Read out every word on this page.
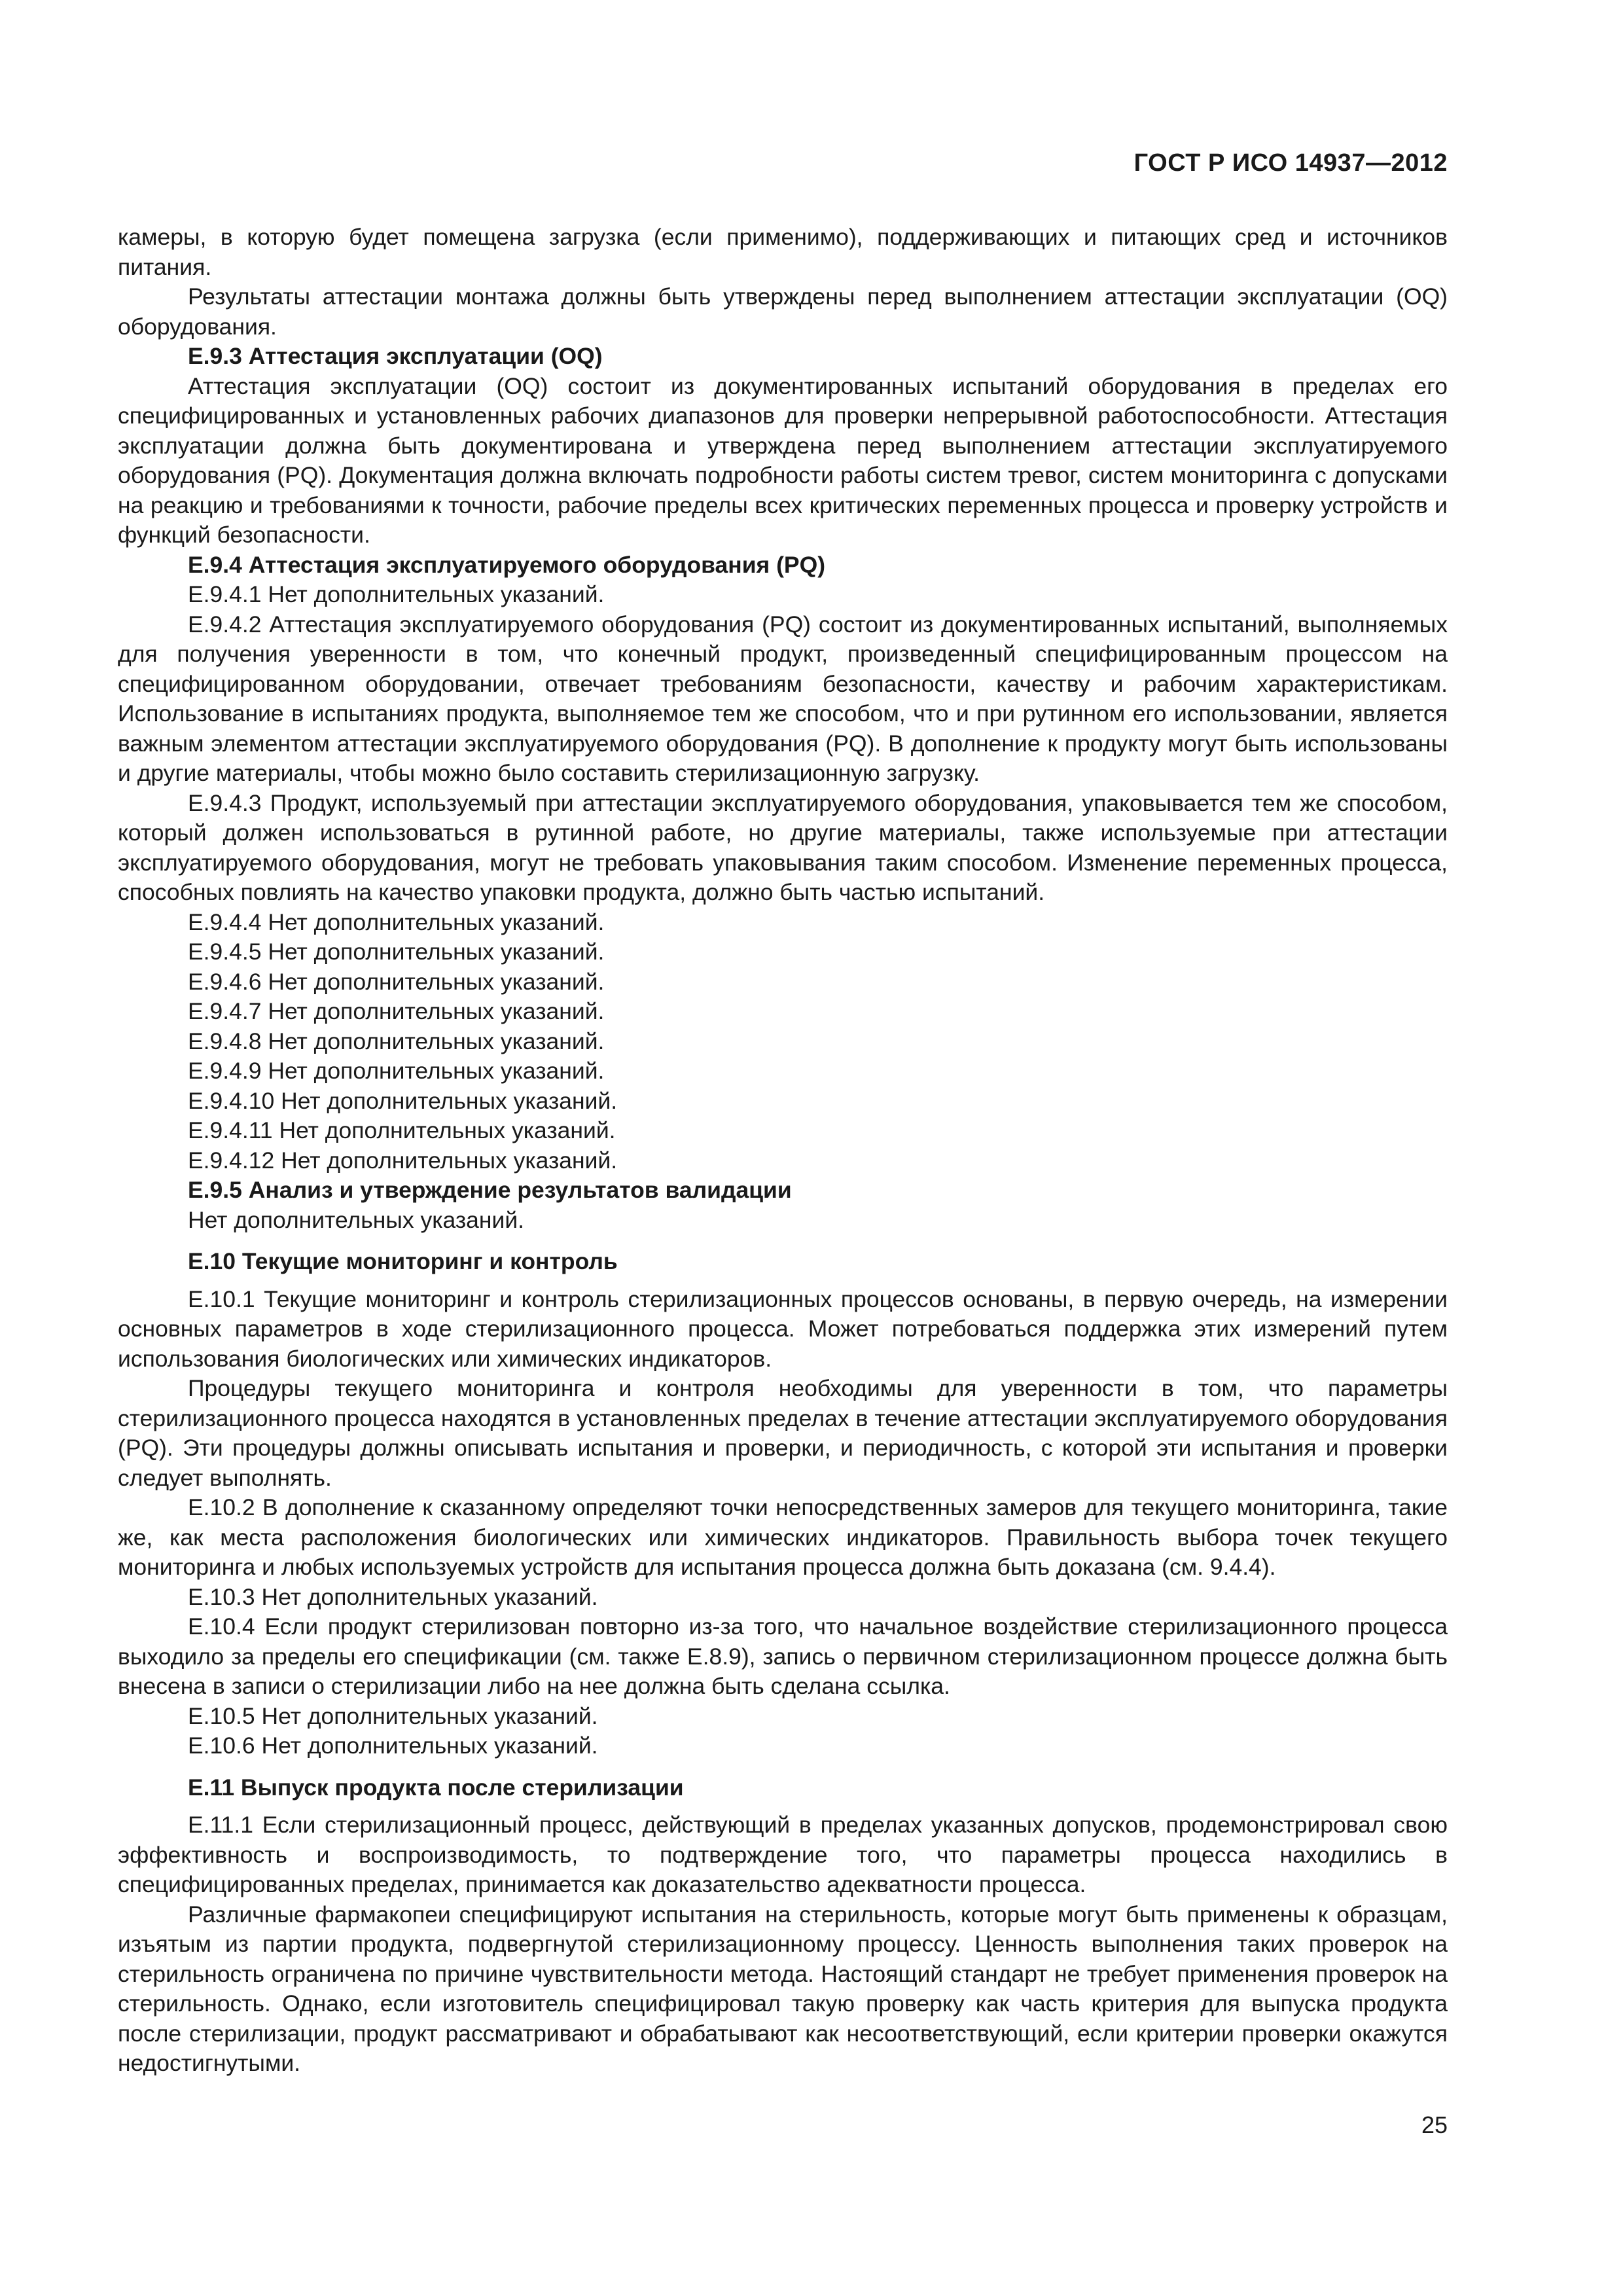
ГОСТ Р ИСО 14937—2012

камеры, в которую будет помещена загрузка (если применимо), поддерживающих и питающих сред и источников питания.

Результаты аттестации монтажа должны быть утверждены перед выполнением аттестации эксплуатации (OQ) оборудования.

E.9.3 Аттестация эксплуатации (OQ)

Аттестация эксплуатации (OQ) состоит из документированных испытаний оборудования в пределах его специфицированных и установленных рабочих диапазонов для проверки непрерывной работоспособности. Аттестация эксплуатации должна быть документирована и утверждена перед выполнением аттестации эксплуатируемого оборудования (PQ). Документация должна включать подробности работы систем тревог, систем мониторинга с допусками на реакцию и требованиями к точности, рабочие пределы всех критических переменных процесса и проверку устройств и функций безопасности.

E.9.4 Аттестация эксплуатируемого оборудования (PQ)

E.9.4.1 Нет дополнительных указаний.

E.9.4.2 Аттестация эксплуатируемого оборудования (PQ) состоит из документированных испытаний, выполняемых для получения уверенности в том, что конечный продукт, произведенный специфицированным процессом на специфицированном оборудовании, отвечает требованиям безопасности, качеству и рабочим характеристикам. Использование в испытаниях продукта, выполняемое тем же способом, что и при рутинном его использовании, является важным элементом аттестации эксплуатируемого оборудования (PQ). В дополнение к продукту могут быть использованы и другие материалы, чтобы можно было составить стерилизационную загрузку.

E.9.4.3 Продукт, используемый при аттестации эксплуатируемого оборудования, упаковывается тем же способом, который должен использоваться в рутинной работе, но другие материалы, также используемые при аттестации эксплуатируемого оборудования, могут не требовать упаковывания таким способом. Изменение переменных процесса, способных повлиять на качество упаковки продукта, должно быть частью испытаний.

E.9.4.4 Нет дополнительных указаний.

E.9.4.5 Нет дополнительных указаний.

E.9.4.6 Нет дополнительных указаний.

E.9.4.7 Нет дополнительных указаний.

E.9.4.8 Нет дополнительных указаний.

E.9.4.9 Нет дополнительных указаний.

E.9.4.10 Нет дополнительных указаний.

E.9.4.11 Нет дополнительных указаний.

E.9.4.12 Нет дополнительных указаний.

E.9.5 Анализ и утверждение результатов валидации

Нет дополнительных указаний.

E.10 Текущие мониторинг и контроль

E.10.1 Текущие мониторинг и контроль стерилизационных процессов основаны, в первую очередь, на измерении основных параметров в ходе стерилизационного процесса. Может потребоваться поддержка этих измерений путем использования биологических или химических индикаторов.

Процедуры текущего мониторинга и контроля необходимы для уверенности в том, что параметры стерилизационного процесса находятся в установленных пределах в течение аттестации эксплуатируемого оборудования (PQ). Эти процедуры должны описывать испытания и проверки, и периодичность, с которой эти испытания и проверки следует выполнять.

E.10.2 В дополнение к сказанному определяют точки непосредственных замеров для текущего мониторинга, такие же, как места расположения биологических или химических индикаторов. Правильность выбора точек текущего мониторинга и любых используемых устройств для испытания процесса должна быть доказана (см. 9.4.4).

E.10.3 Нет дополнительных указаний.

E.10.4 Если продукт стерилизован повторно из-за того, что начальное воздействие стерилизационного процесса выходило за пределы его спецификации (см. также E.8.9), запись о первичном стерилизационном процессе должна быть внесена в записи о стерилизации либо на нее должна быть сделана ссылка.

E.10.5 Нет дополнительных указаний.

E.10.6 Нет дополнительных указаний.

E.11 Выпуск продукта после стерилизации

E.11.1 Если стерилизационный процесс, действующий в пределах указанных допусков, продемонстрировал свою эффективность и воспроизводимость, то подтверждение того, что параметры процесса находились в специфицированных пределах, принимается как доказательство адекватности процесса.

Различные фармакопеи специфицируют испытания на стерильность, которые могут быть применены к образцам, изъятым из партии продукта, подвергнутой стерилизационному процессу. Ценность выполнения таких проверок на стерильность ограничена по причине чувствительности метода. Настоящий стандарт не требует применения проверок на стерильность. Однако, если изготовитель специфицировал такую проверку как часть критерия для выпуска продукта после стерилизации, продукт рассматривают и обрабатывают как несоответствующий, если критерии проверки окажутся недостигнутыми.

25
